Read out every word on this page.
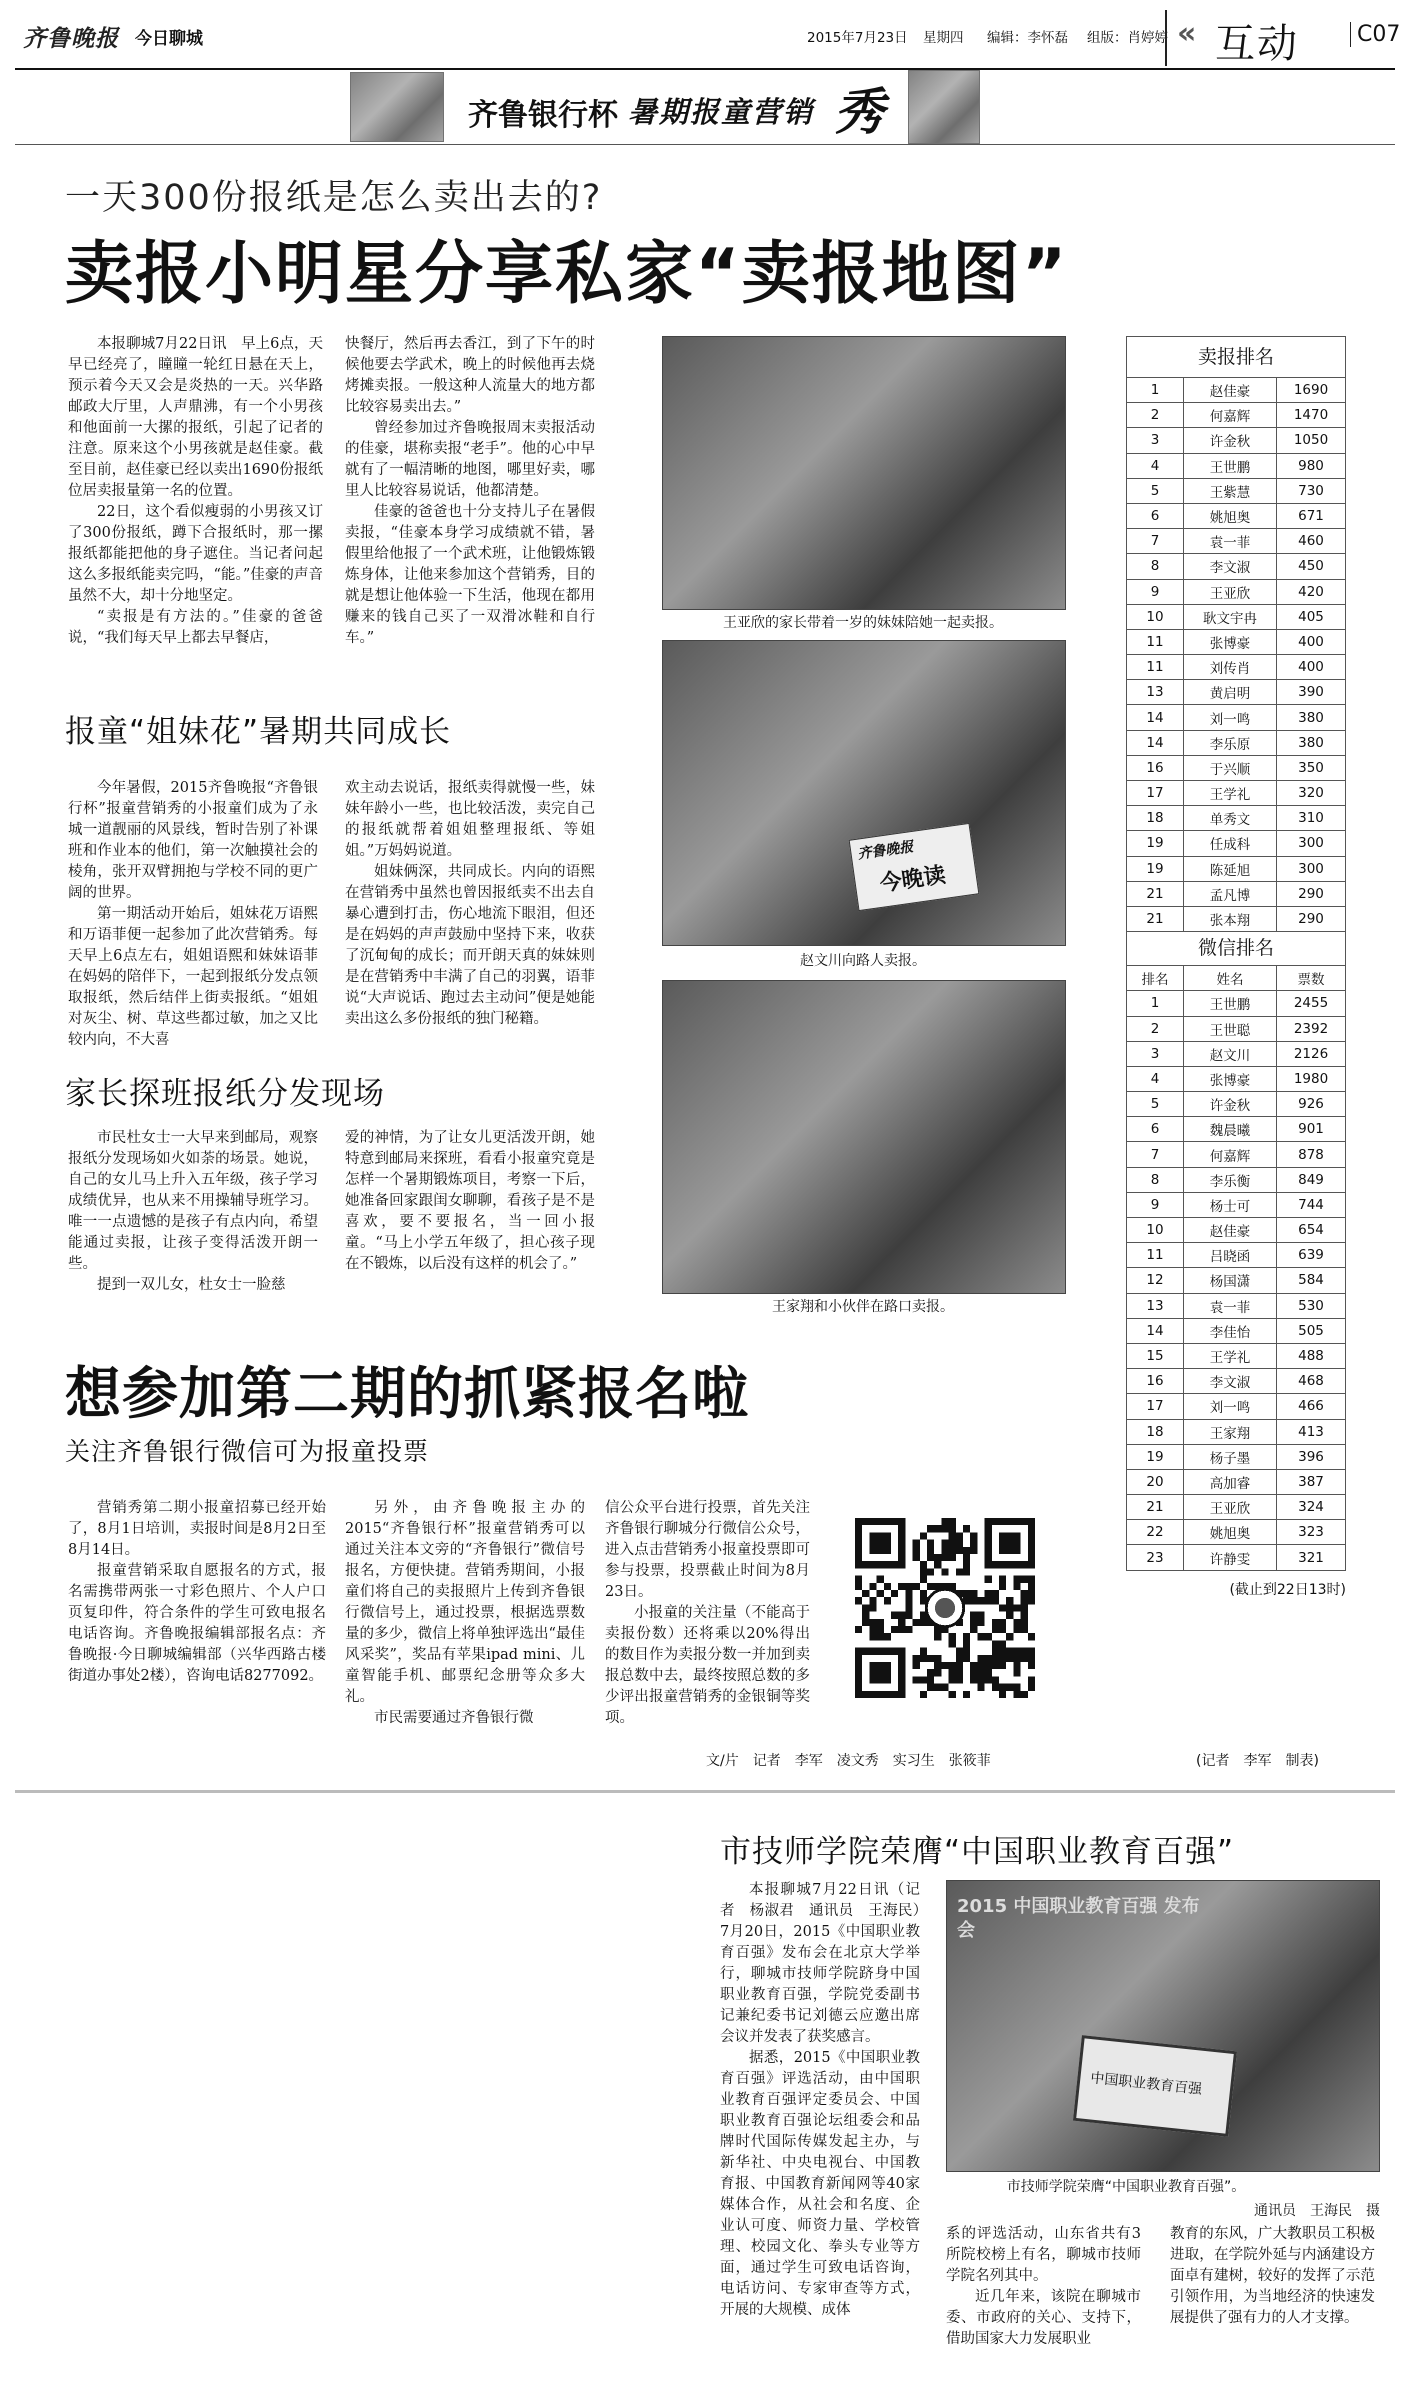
齐鲁晚报 今日聊城	2015年7月23日 星期四 编辑：李怀磊 组版：肖婷婷 « 互动	C07
齐鲁银行杯 暑期报童营销 秀
一天300份报纸是怎么卖出去的?
卖报小明星分享私家“卖报地图”

本报聊城7月22日讯　早上6点，天早已经亮了，瞳瞳一轮红日悬在天上，预示着今天又会是炎热的一天。兴华路邮政大厅里，人声鼎沸，有一个小男孩和他面前一大摞的报纸，引起了记者的注意。原来这个小男孩就是赵佳豪。截至目前，赵佳豪已经以卖出1690份报纸位居卖报量第一名的位置。

22日，这个看似瘦弱的小男孩又订了300份报纸，蹲下合报纸时，那一摞报纸都能把他的身子遮住。当记者问起这么多报纸能卖完吗，“能。”佳豪的声音虽然不大，却十分地坚定。

“卖报是有方法的。”佳豪的爸爸说，“我们每天早上都去早餐店，

快餐厅，然后再去香江，到了下午的时候他要去学武术，晚上的时候他再去烧烤摊卖报。一般这种人流量大的地方都比较容易卖出去。”

曾经参加过齐鲁晚报周末卖报活动的佳豪，堪称卖报“老手”。他的心中早就有了一幅清晰的地图，哪里好卖，哪里人比较容易说话，他都清楚。

佳豪的爸爸也十分支持儿子在暑假卖报，“佳豪本身学习成绩就不错，暑假里给他报了一个武术班，让他锻炼锻炼身体，让他来参加这个营销秀，目的就是想让他体验一下生活，他现在都用赚来的钱自己买了一双滑冰鞋和自行车。”

王亚欣的家长带着一岁的妹妹陪她一起卖报。
齐鲁晚报
今晚读
赵文川向路人卖报。
王家翔和小伙伴在路口卖报。
报童“姐妹花”暑期共同成长

今年暑假，2015齐鲁晚报“齐鲁银行杯”报童营销秀的小报童们成为了永城一道靓丽的风景线，暂时告别了补课班和作业本的他们，第一次触摸社会的棱角，张开双臂拥抱与学校不同的更广阔的世界。

第一期活动开始后，姐妹花万语熙和万语菲便一起参加了此次营销秀。每天早上6点左右，姐姐语熙和妹妹语菲在妈妈的陪伴下，一起到报纸分发点领取报纸，然后结伴上街卖报纸。“姐姐对灰尘、树、草这些都过敏，加之又比较内向，不大喜

欢主动去说话，报纸卖得就慢一些，妹妹年龄小一些，也比较活泼，卖完自己的报纸就帮着姐姐整理报纸、等姐姐。”万妈妈说道。

姐妹俩深，共同成长。内向的语熙在营销秀中虽然也曾因报纸卖不出去自暴心遭到打击，伤心地流下眼泪，但还是在妈妈的声声鼓励中坚持下来，收获了沉甸甸的成长；而开朗天真的妹妹则是在营销秀中丰满了自己的羽翼，语菲说“大声说话、跑过去主动问”便是她能卖出这么多份报纸的独门秘籍。

家长探班报纸分发现场

市民杜女士一大早来到邮局，观察报纸分发现场如火如荼的场景。她说，自己的女儿马上升入五年级，孩子学习成绩优异，也从来不用操辅导班学习。唯一一点遗憾的是孩子有点内向，希望能通过卖报，让孩子变得活泼开朗一些。

提到一双儿女，杜女士一脸慈

爱的神情，为了让女儿更活泼开朗，她特意到邮局来探班，看看小报童究竟是怎样一个暑期锻炼项目，考察一下后，她准备回家跟闺女聊聊，看孩子是不是喜欢，要不要报名，当一回小报童。“马上小学五年级了，担心孩子现在不锻炼，以后没有这样的机会了。”

卖报排名
1	赵佳豪	1690
2	何嘉辉	1470
3	许金秋	1050
4	王世鹏	980
5	王紫慧	730
6	姚旭奥	671
7	袁一菲	460
8	李文淑	450
9	王亚欣	420
10	耿文宇冉	405
11	张博豪	400
11	刘传肖	400
13	黄启明	390
14	刘一鸣	380
14	李乐原	380
16	于兴顺	350
17	王学礼	320
18	单秀文	310
19	任成科	300
19	陈延旭	300
21	孟凡博	290
21	张本翔	290
微信排名
排名	姓名	票数
1	王世鹏	2455
2	王世聪	2392
3	赵文川	2126
4	张博豪	1980
5	许金秋	926
6	魏晨曦	901
7	何嘉辉	878
8	李乐衡	849
9	杨士可	744
10	赵佳豪	654
11	吕晓函	639
12	杨国潇	584
13	袁一菲	530
14	李佳怡	505
15	王学礼	488
16	李文淑	468
17	刘一鸣	466
18	王家翔	413
19	杨子墨	396
20	高加睿	387
21	王亚欣	324
22	姚旭奥	323
23	许静雯	321
(截止到22日13时)
(记者　李军　制表)
想参加第二期的抓紧报名啦
关注齐鲁银行微信可为报童投票

营销秀第二期小报童招募已经开始了，8月1日培训，卖报时间是8月2日至8月14日。

报童营销采取自愿报名的方式，报名需携带两张一寸彩色照片、个人户口页复印件，符合条件的学生可致电报名电话咨询。齐鲁晚报编辑部报名点：齐鲁晚报·今日聊城编辑部（兴华西路古楼街道办事处2楼），咨询电话8277092。

另外，由齐鲁晚报主办的2015“齐鲁银行杯”报童营销秀可以通过关注本文旁的“齐鲁银行”微信号报名，方便快捷。营销秀期间，小报童们将自己的卖报照片上传到齐鲁银行微信号上，通过投票，根据选票数量的多少，微信上将单独评选出“最佳风采奖”，奖品有苹果ipad mini、儿童智能手机、邮票纪念册等众多大礼。

市民需要通过齐鲁银行微

信公众平台进行投票，首先关注齐鲁银行聊城分行微信公众号，进入点击营销秀小报童投票即可参与投票，投票截止时间为8月23日。

小报童的关注量（不能高于卖报份数）还将乘以20%得出的数目作为卖报分数一并加到卖报总数中去，最终按照总数的多少评出报童营销秀的金银铜等奖项。

文/片　记者　李军　凌文秀　实习生　张筱菲
市技师学院荣膺“中国职业教育百强”

本报聊城7月22日讯（记者　杨淑君　通讯员　王海民）　7月20日，2015《中国职业教育百强》发布会在北京大学举行，聊城市技师学院跻身中国职业教育百强，学院党委副书记兼纪委书记刘德云应邀出席会议并发表了获奖感言。

据悉，2015《中国职业教育百强》评选活动，由中国职业教育百强评定委员会、中国职业教育百强论坛组委会和品牌时代国际传媒发起主办，与新华社、中央电视台、中国教育报、中国教育新闻网等40家媒体合作，从社会和名度、企业认可度、师资力量、学校管理、校园文化、拳头专业等方面，通过学生可致电话咨询，电话访问、专家审查等方式，开展的大规模、成体

2015 中国职业教育百强 发布会
中国职业教育百强
市技师学院荣膺“中国职业教育百强”。
通讯员　王海民　摄

系的评选活动，山东省共有3所院校榜上有名，聊城市技师学院名列其中。

近几年来，该院在聊城市委、市政府的关心、支持下，借助国家大力发展职业

教育的东风，广大教职员工积极进取，在学院外延与内涵建设方面卓有建树，较好的发挥了示范引领作用，为当地经济的快速发展提供了强有力的人才支撑。
